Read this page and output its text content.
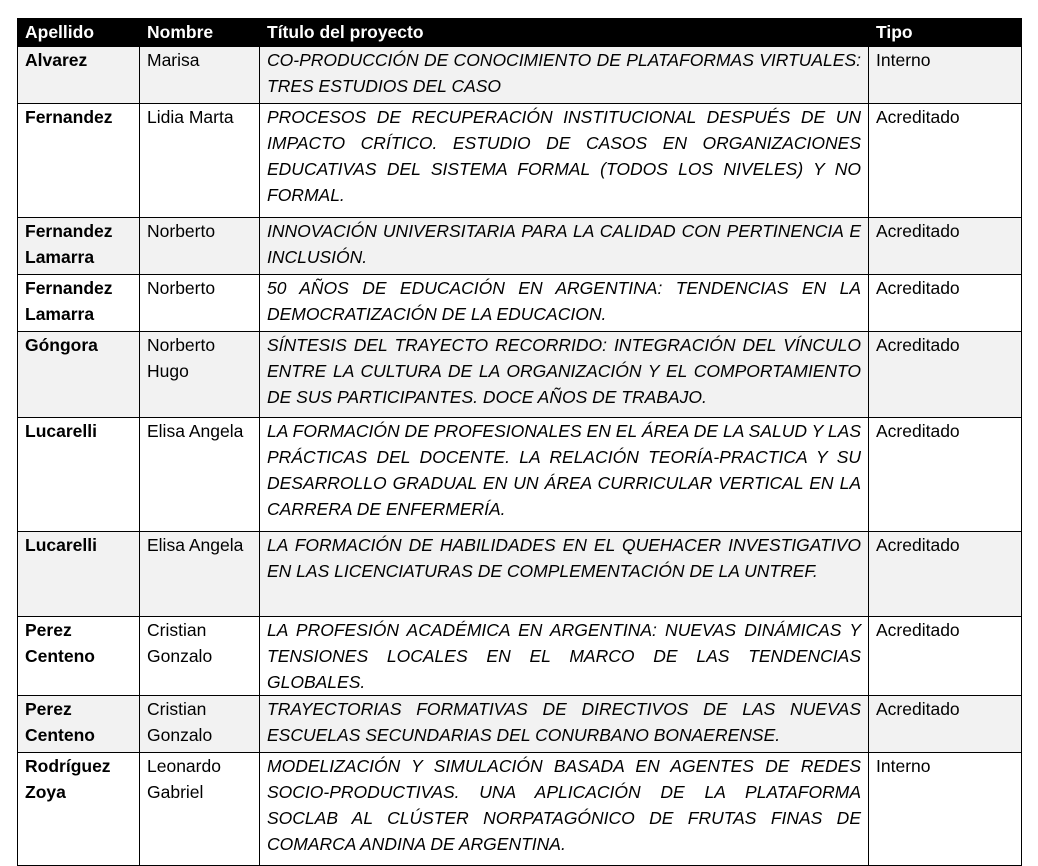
Apellido	Nombre	Título del proyecto	Tipo
Alvarez	Marisa	CO-PRODUCCIÓN DE CONOCIMIENTO DE PLATAFORMAS VIRTUALES: TRES ESTUDIOS DEL CASO	Interno
Fernandez	Lidia Marta	PROCESOS DE RECUPERACIÓN INSTITUCIONAL DESPUÉS DE UN IMPACTO CRÍTICO. ESTUDIO DE CASOS EN ORGANIZACIONES EDUCATIVAS DEL SISTEMA FORMAL (TODOS LOS NIVELES) Y NO FORMAL.	Acreditado
Fernandez Lamarra	Norberto	INNOVACIÓN UNIVERSITARIA PARA LA CALIDAD CON PERTINENCIA E INCLUSIÓN.	Acreditado
Fernandez Lamarra	Norberto	50 AÑOS DE EDUCACIÓN EN ARGENTINA: TENDENCIAS EN LA DEMOCRATIZACIÓN DE LA EDUCACION.	Acreditado
Góngora	Norberto Hugo	SÍNTESIS DEL TRAYECTO RECORRIDO: INTEGRACIÓN DEL VÍNCULO ENTRE LA CULTURA DE LA ORGANIZACIÓN Y EL COMPORTAMIENTO DE SUS PARTICIPANTES. DOCE AÑOS DE TRABAJO.	Acreditado
Lucarelli	Elisa Angela	LA FORMACIÓN DE PROFESIONALES EN EL ÁREA DE LA SALUD Y LAS PRÁCTICAS DEL DOCENTE. LA RELACIÓN TEORÍA-PRACTICA Y SU DESARROLLO GRADUAL EN UN ÁREA CURRICULAR VERTICAL EN LA CARRERA DE ENFERMERÍA.	Acreditado
Lucarelli	Elisa Angela	LA FORMACIÓN DE HABILIDADES EN EL QUEHACER INVESTIGATIVO EN LAS LICENCIATURAS DE COMPLEMENTACIÓN DE LA UNTREF.	Acreditado
Perez Centeno	Cristian Gonzalo	LA PROFESIÓN ACADÉMICA EN ARGENTINA: NUEVAS DINÁMICAS Y TENSIONES LOCALES EN EL MARCO DE LAS TENDENCIAS GLOBALES.	Acreditado
Perez Centeno	Cristian Gonzalo	TRAYECTORIAS FORMATIVAS DE DIRECTIVOS DE LAS NUEVAS ESCUELAS SECUNDARIAS DEL CONURBANO BONAERENSE.	Acreditado
Rodríguez Zoya	Leonardo Gabriel	MODELIZACIÓN Y SIMULACIÓN BASADA EN AGENTES DE REDES SOCIO-PRODUCTIVAS. UNA APLICACIÓN DE LA PLATAFORMA SOCLAB AL CLÚSTER NORPATAGÓNICO DE FRUTAS FINAS DE COMARCA ANDINA DE ARGENTINA.	Interno
